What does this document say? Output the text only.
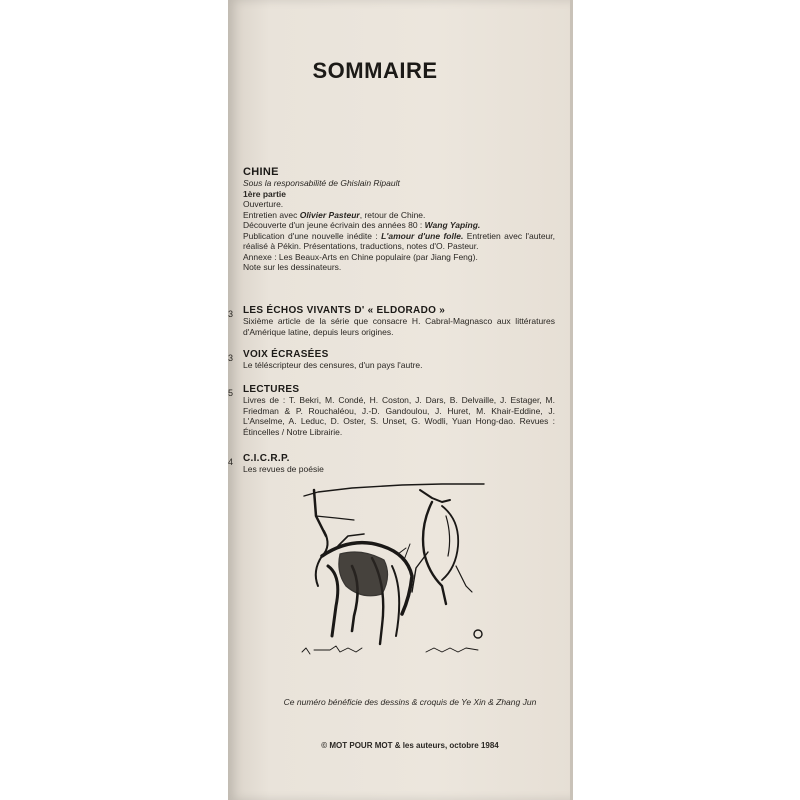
SOMMAIRE
CHINE
Sous la responsabilité de Ghislain Ripault
1ère partie
Ouverture.
Entretien avec Olivier Pasteur, retour de Chine.
Découverte d'un jeune écrivain des années 80 : Wang Yaping.
Publication d'une nouvelle inédite : L'amour d'une folle. Entretien avec l'auteur, réalisé à Pékin. Présentations, traductions, notes d'O. Pasteur.
Annexe : Les Beaux-Arts en Chine populaire (par Jiang Feng).
Note sur les dessinateurs.
3 LES ÉCHOS VIVANTS D' « ELDORADO »
Sixième article de la série que consacre H. Cabral-Magnasco aux littératures d'Amérique latine, depuis leurs origines.
3 VOIX ÉCRASÉES
Le téléscripteur des censures, d'un pays l'autre.
5 LECTURES
Livres de : T. Bekri, M. Condé, H. Coston, J. Dars, B. Delvaille, J. Estager, M. Friedman & P. Rouchaléou, J.-D. Gandoulou, J. Huret, M. Khair-Eddine, J. L'Anselme, A. Leduc, D. Oster, S. Unset, G. Wodli, Yuan Hong-dao. Revues : Étincelles / Notre Librairie.
4 C.I.C.R.P.
Les revues de poésie
Ce numéro bénéficie des dessins & croquis de Ye Xin & Zhang Jun
© MOT POUR MOT & les auteurs, octobre 1984
